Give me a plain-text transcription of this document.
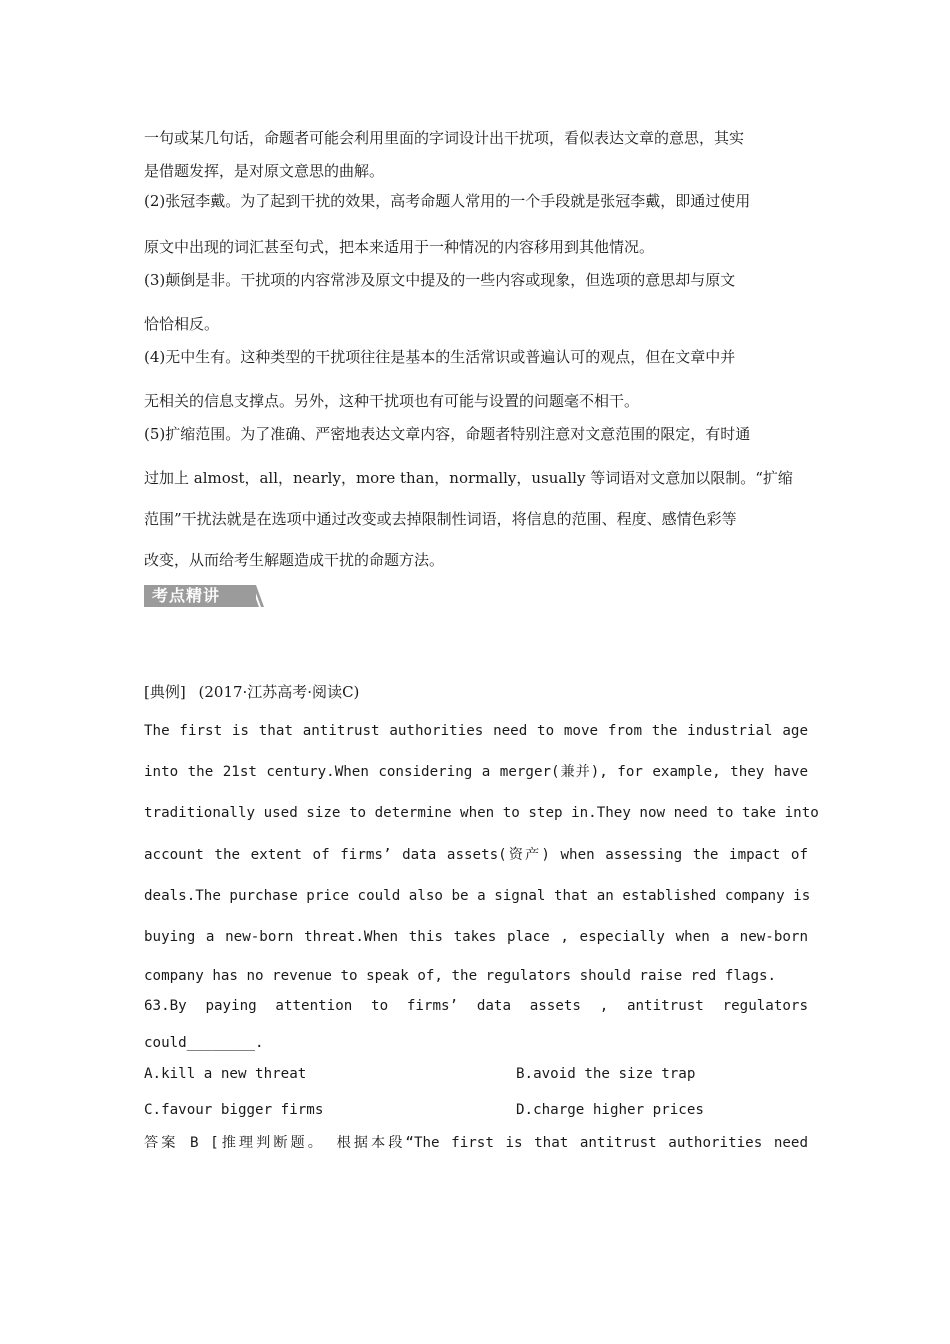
一句或某几句话，命题者可能会利用里面的字词设计出干扰项，看似表达文章的意思，其实

是借题发挥，是对原文意思的曲解。

(2)张冠李戴。为了起到干扰的效果，高考命题人常用的一个手段就是张冠李戴，即通过使用

原文中出现的词汇甚至句式，把本来适用于一种情况的内容移用到其他情况。

(3)颠倒是非。干扰项的内容常涉及原文中提及的一些内容或现象，但选项的意思却与原文

恰恰相反。

(4)无中生有。这种类型的干扰项往往是基本的生活常识或普遍认可的观点，但在文章中并

无相关的信息支撑点。另外，这种干扰项也有可能与设置的问题毫不相干。

(5)扩缩范围。为了准确、严密地表达文章内容，命题者特别注意对文意范围的限定，有时通

过加上 almost，all，nearly，more than，normally，usually 等词语对文意加以限制。“扩缩

范围”干扰法就是在选项中通过改变或去掉限制性词语，将信息的范围、程度、感情色彩等

改变，从而给考生解题造成干扰的命题方法。

考点精讲
[典例] (2017·江苏高考·阅读C)

The first is that antitrust authorities need to move from the industrial age

into the 21st century.When considering a merger(兼并), for example, they have

traditionally used size to determine when to step in.They now need to take into

account the extent of firms’ data assets(资产) when assessing the impact of

deals.The purchase price could also be a signal that an established company is

buying a new-born threat.When this takes place , especially when a new-born

company has no revenue to speak of, the regulators should raise red flags.

63.By paying attention to firms’ data assets , antitrust regulators

could________.

A.kill a new threat	B.avoid the size trap
C.favour bigger firms	D.charge higher prices
答案 B [推理判断题。 根据本段“The first is that antitrust authorities need
